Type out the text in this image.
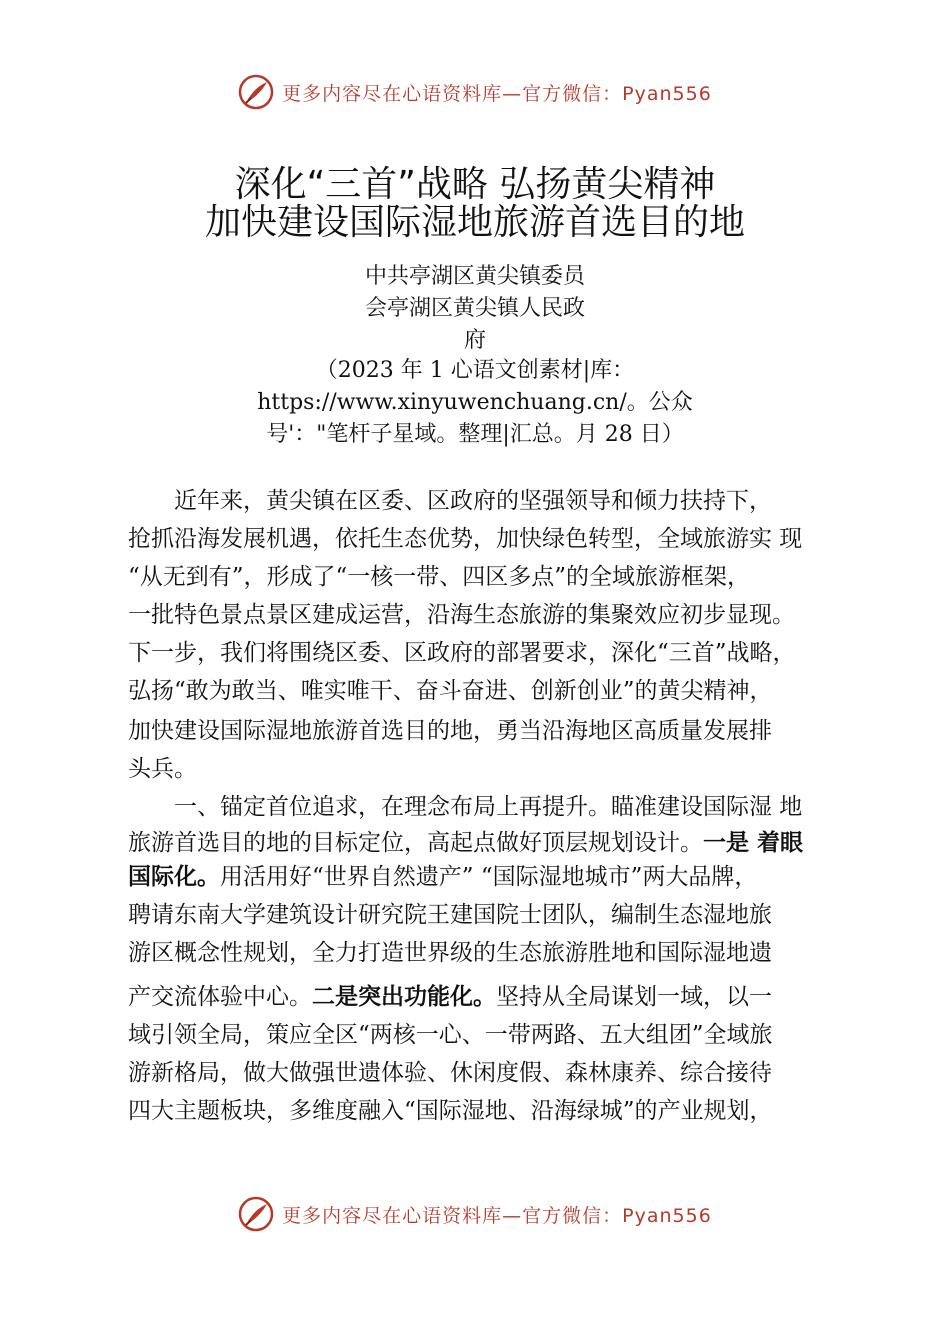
更多内容尽在心语资料库—官方微信：Pyan556
深化“三首”战略 弘扬黄尖精神
加快建设国际湿地旅游首选目的地
中共亭湖区黄尖镇委员
会亭湖区黄尖镇人民政
府
（2023 年 1 心语文创素材|库：
https://www.xinyuwenchuang.cn/。公众
号'："笔杆子星域。整理|汇总。月 28 日）
　　近年来，黄尖镇在区委、区政府的坚强领导和倾力扶持下，
抢抓沿海发展机遇，依托生态优势，加快绿色转型，全域旅游实 现
“从无到有”，形成了“一核一带、四区多点”的全域旅游框架，
一批特色景点景区建成运营，沿海生态旅游的集聚效应初步显现。
下一步，我们将围绕区委、区政府的部署要求，深化“三首”战略，
弘扬“敢为敢当、唯实唯干、奋斗奋进、创新创业”的黄尖精神，
加快建设国际湿地旅游首选目的地，勇当沿海地区高质量发展排
头兵。
　　一、锚定首位追求，在理念布局上再提升。瞄准建设国际湿 地
旅游首选目的地的目标定位，高起点做好顶层规划设计。一是 着眼
国际化。用活用好“世界自然遗产” “国际湿地城市”两大品牌，
聘请东南大学建筑设计研究院王建国院士团队，编制生态湿地旅
游区概念性规划，全力打造世界级的生态旅游胜地和国际湿地遗
产交流体验中心。二是突出功能化。坚持从全局谋划一域，以一
域引领全局，策应全区“两核一心、一带两路、五大组团”全域旅
游新格局，做大做强世遗体验、休闲度假、森林康养、综合接待
四大主题板块，多维度融入“国际湿地、沿海绿城”的产业规划，
更多内容尽在心语资料库—官方微信：Pyan556
